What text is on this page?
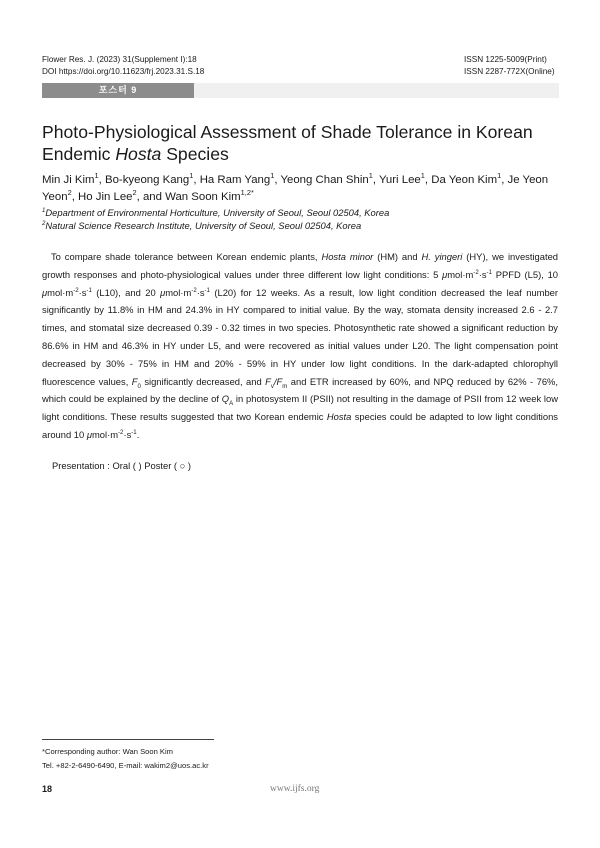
Flower Res. J. (2023) 31(Supplement I):18
DOI https://doi.org/10.11623/frj.2023.31.S.18
ISSN 1225-5009(Print)
ISSN 2287-772X(Online)
포스터 9
Photo-Physiological Assessment of Shade Tolerance in Korean Endemic Hosta Species
Min Ji Kim$^1$, Bo-kyeong Kang$^1$, Ha Ram Yang$^1$, Yeong Chan Shin$^1$, Yuri Lee$^1$, Da Yeon Kim$^1$, Je Yeon Yeon$^2$, Ho Jin Lee$^2$, and Wan Soon Kim$^{1,2*}$
$^1$Department of Environmental Horticulture, University of Seoul, Seoul 02504, Korea
$^2$Natural Science Research Institute, University of Seoul, Seoul 02504, Korea

To compare shade tolerance between Korean endemic plants, Hosta minor (HM) and H. yingeri (HY), we investigated growth responses and photo-physiological values under three different low light conditions: 5 $\mu mol\cdot m^{-2}\cdot s^{-1}$ PPFD (L5), 10 $\mu mol\cdot m^{-2}\cdot s^{-1}$ (L10), and 20 $\mu mol\cdot m^{-2}\cdot s^{-1}$ (L20) for 12 weeks. As a result, low light condition decreased the leaf number significantly by 11.8% in HM and 24.3% in HY compared to initial value. By the way, stomata density increased 2.6 - 2.7 times, and stomatal size decreased 0.39 - 0.32 times in two species. Photosynthetic rate showed a significant reduction by 86.6% in HM and 46.3% in HY under L5, and were recovered as initial values under L20. The light compensation point decreased by 30% - 75% in HM and 20% - 59% in HY under low light conditions. In the dark-adapted chlorophyll fluorescence values, $F_0$ significantly decreased, and $F_v/F_m$ and ETR increased by 60%, and NPQ reduced by 62% - 76%, which could be explained by the decline of $Q_A$ in photosystem II (PSII) not resulting in the damage of PSII from 12 week low light conditions. These results suggested that two Korean endemic Hosta species could be adapted to low light conditions around 10 $\mu mol\cdot m^{-2}\cdot s^{-1}$.

Presentation : Oral ( ) Poster ( ○ )
*Corresponding author: Wan Soon Kim
Tel. +82-2-6490-6490, E-mail: wakim2@uos.ac.kr
18	www.ijfs.org
